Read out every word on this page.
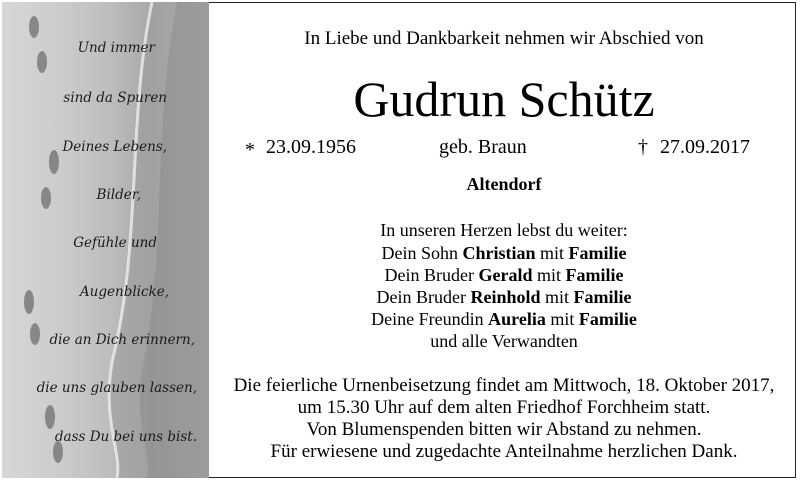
Und immer
sind da Spuren
Deines Lebens,
Bilder,
Gefühle und
Augenblicke,
die an Dich erinnern,
die uns glauben lassen,
dass Du bei uns bist.
In Liebe und Dankbarkeit nehmen wir Abschied von
Gudrun Schütz
* 23.09.1956	geb. Braun	† 27.09.2017
Altendorf
In unseren Herzen lebst du weiter:
Dein Sohn Christian mit Familie
Dein Bruder Gerald mit Familie
Dein Bruder Reinhold mit Familie
Deine Freundin Aurelia mit Familie
und alle Verwandten
Die feierliche Urnenbeisetzung findet am Mittwoch, 18. Oktober 2017,
um 15.30 Uhr auf dem alten Friedhof Forchheim statt.
Von Blumenspenden bitten wir Abstand zu nehmen.
Für erwiesene und zugedachte Anteilnahme herzlichen Dank.
